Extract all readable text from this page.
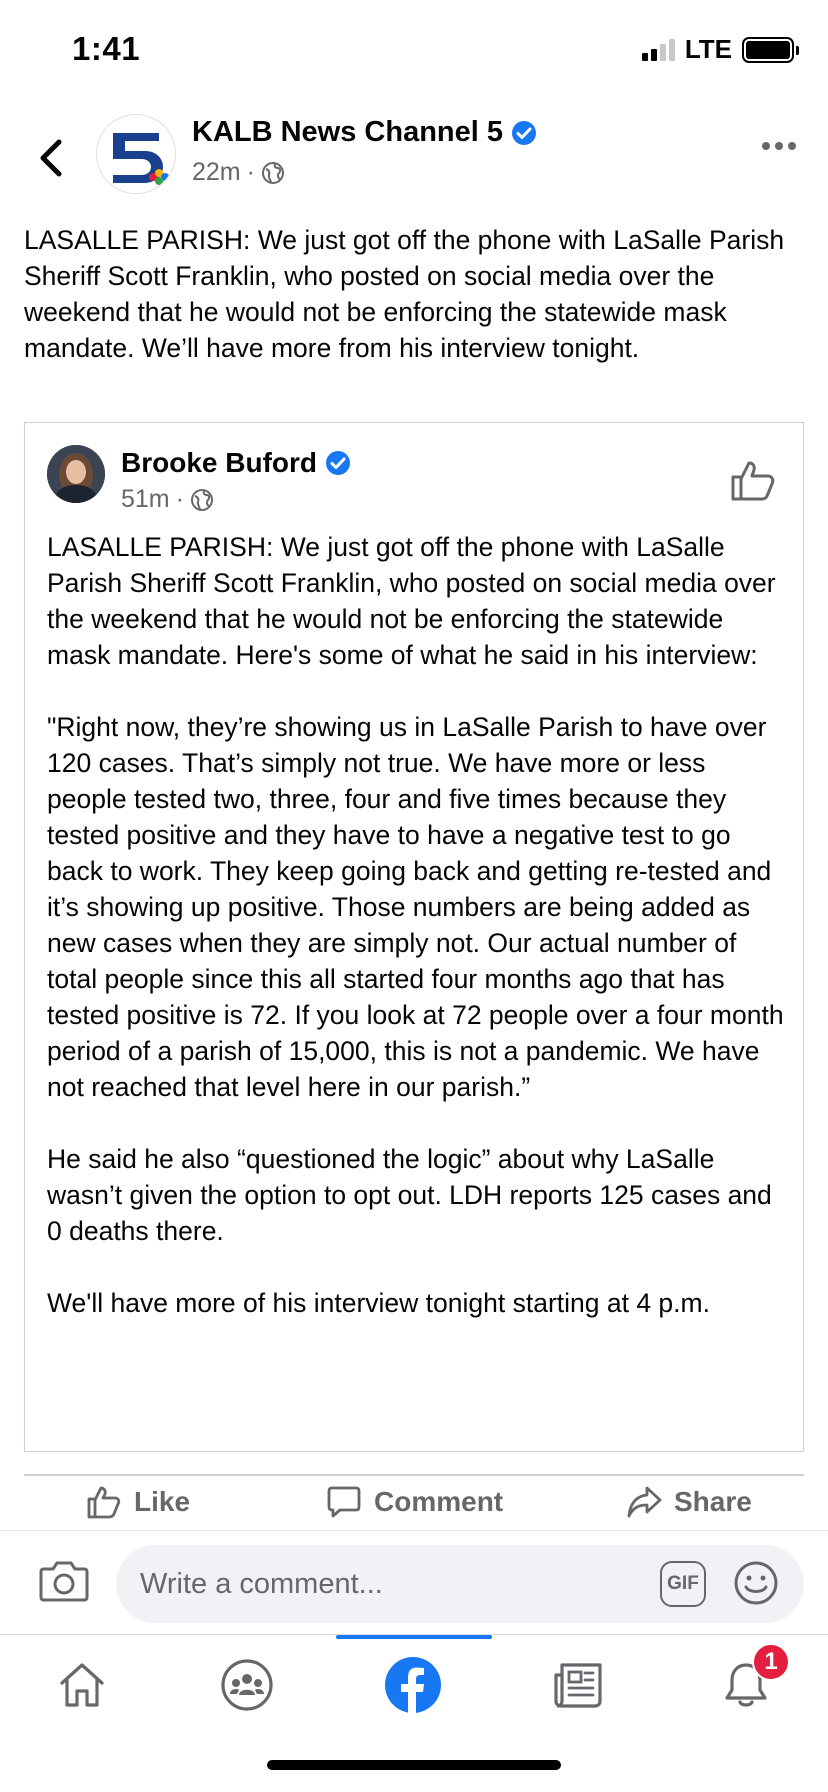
1:41	LTE
KALB News Channel 5
22m ·
LASALLE PARISH: We just got off the phone with LaSalle Parish Sheriff Scott Franklin, who posted on social media over the weekend that he would not be enforcing the statewide mask mandate. We’ll have more from his interview tonight.
Brooke Buford
51m ·

LASALLE PARISH: We just got off the phone with LaSalle Parish Sheriff Scott Franklin, who posted on social media over the weekend that he would not be enforcing the statewide mask mandate. Here's some of what he said in his interview:

"Right now, they’re showing us in LaSalle Parish to have over 120 cases. That’s simply not true. We have more or less people tested two, three, four and five times because they tested positive and they have to have a negative test to go back to work. They keep going back and getting re-tested and it’s showing up positive. Those numbers are being added as new cases when they are simply not. Our actual number of total people since this all started four months ago that has tested positive is 72. If you look at 72 people over a four month period of a parish of 15,000, this is not a pandemic. We have not reached that level here in our parish.”

He said he also “questioned the logic” about why LaSalle wasn’t given the option to opt out. LDH reports 125 cases and 0 deaths there.

We'll have more of his interview tonight starting at 4 p.m.

Like	Comment	Share
Write a comment...
GIF
1
